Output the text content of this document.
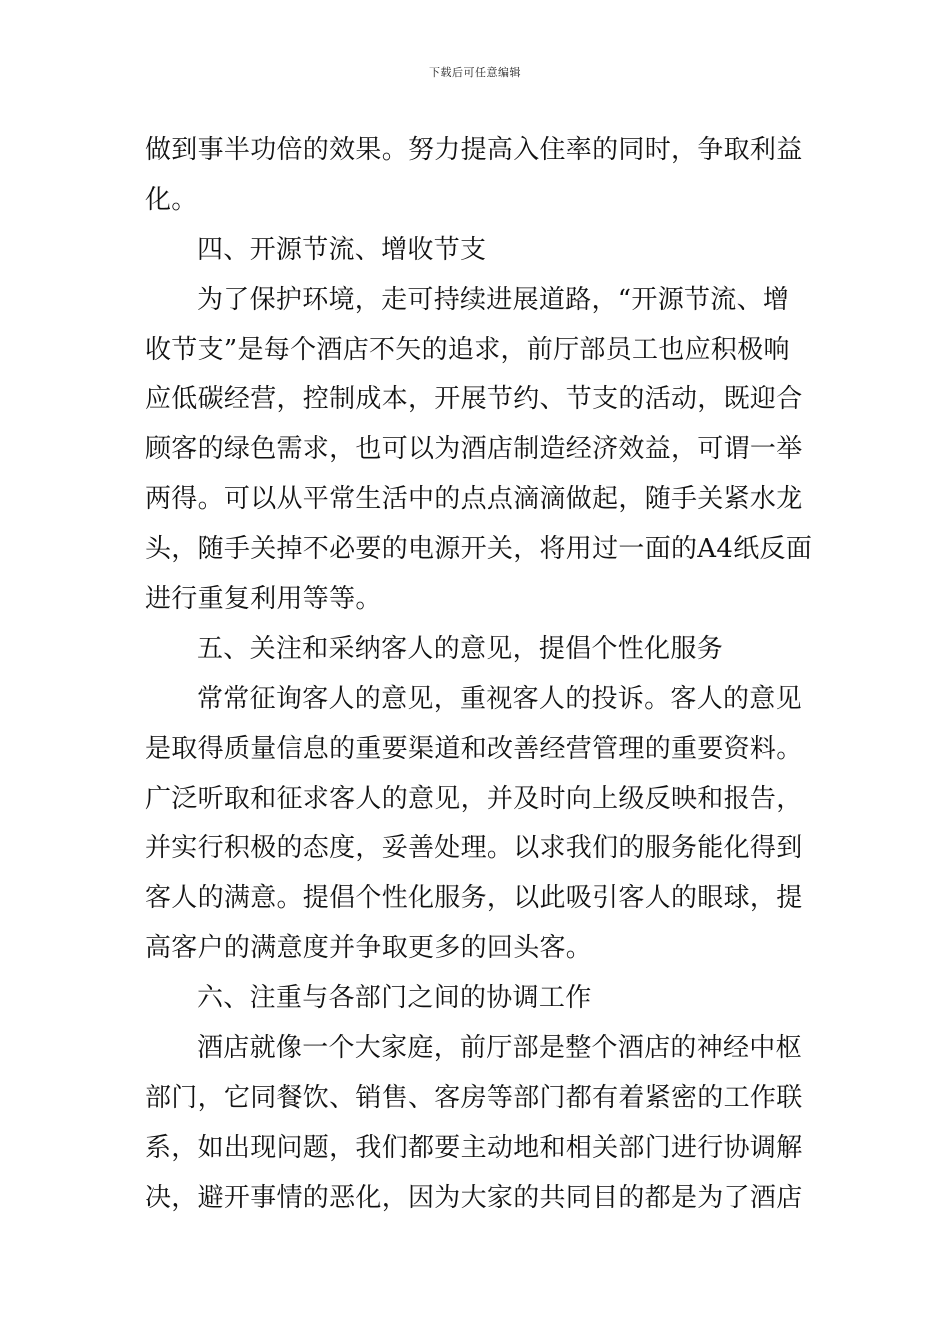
下载后可任意编辑
做到事半功倍的效果。努力提高入住率的同时，争取利益
化。
四、开源节流、增收节支
为了保护环境，走可持续进展道路，“开源节流、增
收节支”是每个酒店不矢的追求，前厅部员工也应积极响
应低碳经营，控制成本，开展节约、节支的活动，既迎合
顾客的绿色需求，也可以为酒店制造经济效益，可谓一举
两得。可以从平常生活中的点点滴滴做起，随手关紧水龙
头，随手关掉不必要的电源开关，将用过一面的A4纸反面
进行重复利用等等。
五、关注和采纳客人的意见，提倡个性化服务
常常征询客人的意见，重视客人的投诉。客人的意见
是取得质量信息的重要渠道和改善经营管理的重要资料。
广泛听取和征求客人的意见，并及时向上级反映和报告，
并实行积极的态度，妥善处理。以求我们的服务能化得到
客人的满意。提倡个性化服务，以此吸引客人的眼球，提
高客户的满意度并争取更多的回头客。
六、注重与各部门之间的协调工作
酒店就像一个大家庭，前厅部是整个酒店的神经中枢
部门，它同餐饮、销售、客房等部门都有着紧密的工作联
系，如出现问题，我们都要主动地和相关部门进行协调解
决，避开事情的恶化，因为大家的共同目的都是为了酒店
